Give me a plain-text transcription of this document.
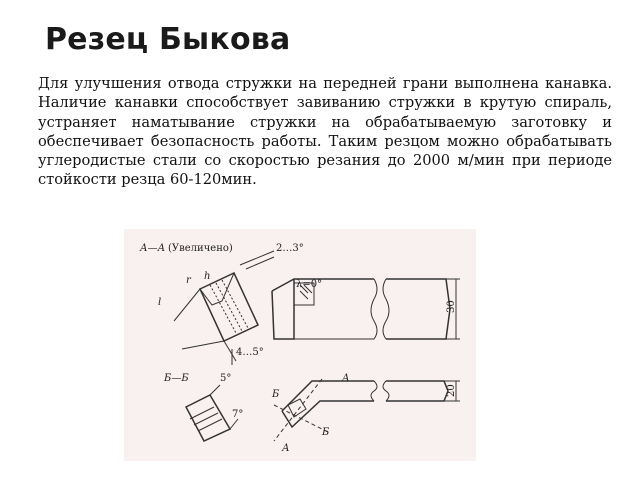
Резец Быкова

Для улучшения отвода стружки на передней грани выполнена канавка. Наличие канавки способствует завиванию стружки в крутую спираль, устраняет наматывание стружки на обрабатываемую заготовку и обеспечивает безопасность работы. Таким резцом можно обрабатывать углеродистые стали со скоростью резания до 2000 м/мин при периоде стойкости резца 60-120мин.

А—А (Увеличено)	2…3°
r h
l
4…5°
λ=0°
30
Б—Б	5°
7°
Б
А
Б
А
20
